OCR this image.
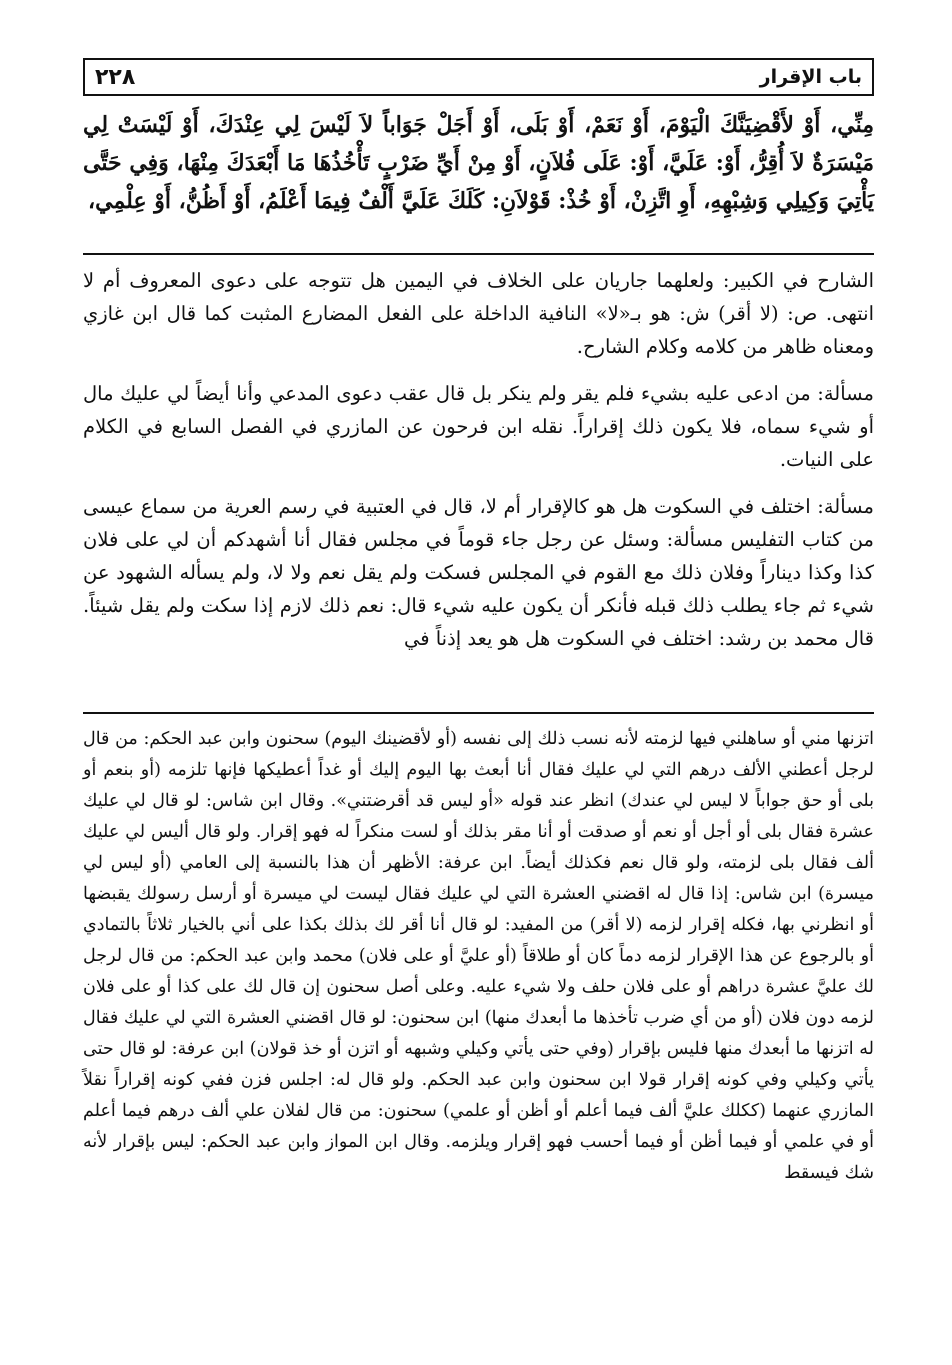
٢٢٨	باب الإقرار

مِنِّي، أَوْ لأَقْضِيَنَّكَ الْيَوْمَ، أَوْ نَعَمْ، أَوْ بَلَى، أَوْ أَجَلْ جَوَاباً لاَ لَيْسَ لِي عِنْدَكَ، أَوْ لَيْسَتْ لِي مَيْسَرَةٌ لاَ أُقِرُّ، أَوْ: عَلَيَّ، أَوْ: عَلَى فُلاَنٍ، أَوْ مِنْ أَيِّ ضَرْبٍ تَأْخُذُهَا مَا أَبْعَدَكَ مِنْهَا، وَفِي حَتَّى يَأْتِيَ وَكِيلِي وَشِبْهِهِ، أَوِ اتَّزِنْ، أَوْ خُذْ: قَوْلاَنِ: كَلَكَ عَلَيَّ أَلْفٌ فِيمَا أَعْلَمُ، أَوْ أَظُنُّ، أَوْ عِلْمِي،

الشارح في الكبير: ولعلهما جاريان على الخلاف في اليمين هل تتوجه على دعوى المعروف أم لا انتهى. ص: (لا أقر) ش: هو بـ«لا» النافية الداخلة على الفعل المضارع المثبت كما قال ابن غازي ومعناه ظاهر من كلامه وكلام الشارح.

مسألة: من ادعى عليه بشيء فلم يقر ولم ينكر بل قال عقب دعوى المدعي وأنا أيضاً لي عليك مال أو شيء سماه، فلا يكون ذلك إقراراً. نقله ابن فرحون عن المازري في الفصل السابع في الكلام على النيات.

مسألة: اختلف في السكوت هل هو كالإقرار أم لا، قال في العتبية في رسم العرية من سماع عيسى من كتاب التفليس مسألة: وسئل عن رجل جاء قوماً في مجلس فقال أنا أشهدكم أن لي على فلان كذا وكذا ديناراً وفلان ذلك مع القوم في المجلس فسكت ولم يقل نعم ولا لا، ولم يسأله الشهود عن شيء ثم جاء يطلب ذلك قبله فأنكر أن يكون عليه شيء قال: نعم ذلك لازم إذا سكت ولم يقل شيئاً. قال محمد بن رشد: اختلف في السكوت هل هو يعد إذناً في

اتزنها مني أو ساهلني فيها لزمته لأنه نسب ذلك إلى نفسه (أو لأقضينك اليوم) سحنون وابن عبد الحكم: من قال لرجل أعطني الألف درهم التي لي عليك فقال أنا أبعث بها اليوم إليك أو غداً أعطيكها فإنها تلزمه (أو بنعم أو بلى أو حق جواباً لا ليس لي عندك) انظر عند قوله «أو ليس قد أقرضتني». وقال ابن شاس: لو قال لي عليك عشرة فقال بلى أو أجل أو نعم أو صدقت أو أنا مقر بذلك أو لست منكراً له فهو إقرار. ولو قال أليس لي عليك ألف فقال بلى لزمته، ولو قال نعم فكذلك أيضاً. ابن عرفة: الأظهر أن هذا بالنسبة إلى العامي (أو ليس لي ميسرة) ابن شاس: إذا قال له اقضني العشرة التي لي عليك فقال ليست لي ميسرة أو أرسل رسولك يقبضها أو انظرني بها، فكله إقرار لزمه (لا أقر) من المفيد: لو قال أنا أقر لك بذلك بكذا على أني بالخيار ثلاثاً بالتمادي أو بالرجوع عن هذا الإقرار لزمه دماً كان أو طلاقاً (أو عليَّ أو على فلان) محمد وابن عبد الحكم: من قال لرجل لك عليَّ عشرة دراهم أو على فلان حلف ولا شيء عليه. وعلى أصل سحنون إن قال لك على كذا أو على فلان لزمه دون فلان (أو من أي ضرب تأخذها ما أبعدك منها) ابن سحنون: لو قال اقضني العشرة التي لي عليك فقال له اتزنها ما أبعدك منها فليس بإقرار (وفي حتى يأتي وكيلي وشبهه أو اتزن أو خذ قولان) ابن عرفة: لو قال حتى يأتي وكيلي وفي كونه إقرار قولا ابن سحنون وابن عبد الحكم. ولو قال له: اجلس فزن ففي كونه إقراراً نقلاً المازري عنهما (ككلك عليَّ ألف فيما أعلم أو أظن أو علمي) سحنون: من قال لفلان علي ألف درهم فيما أعلم أو في علمي أو فيما أظن أو فيما أحسب فهو إقرار ويلزمه. وقال ابن المواز وابن عبد الحكم: ليس بإقرار لأنه شك فيسقط
